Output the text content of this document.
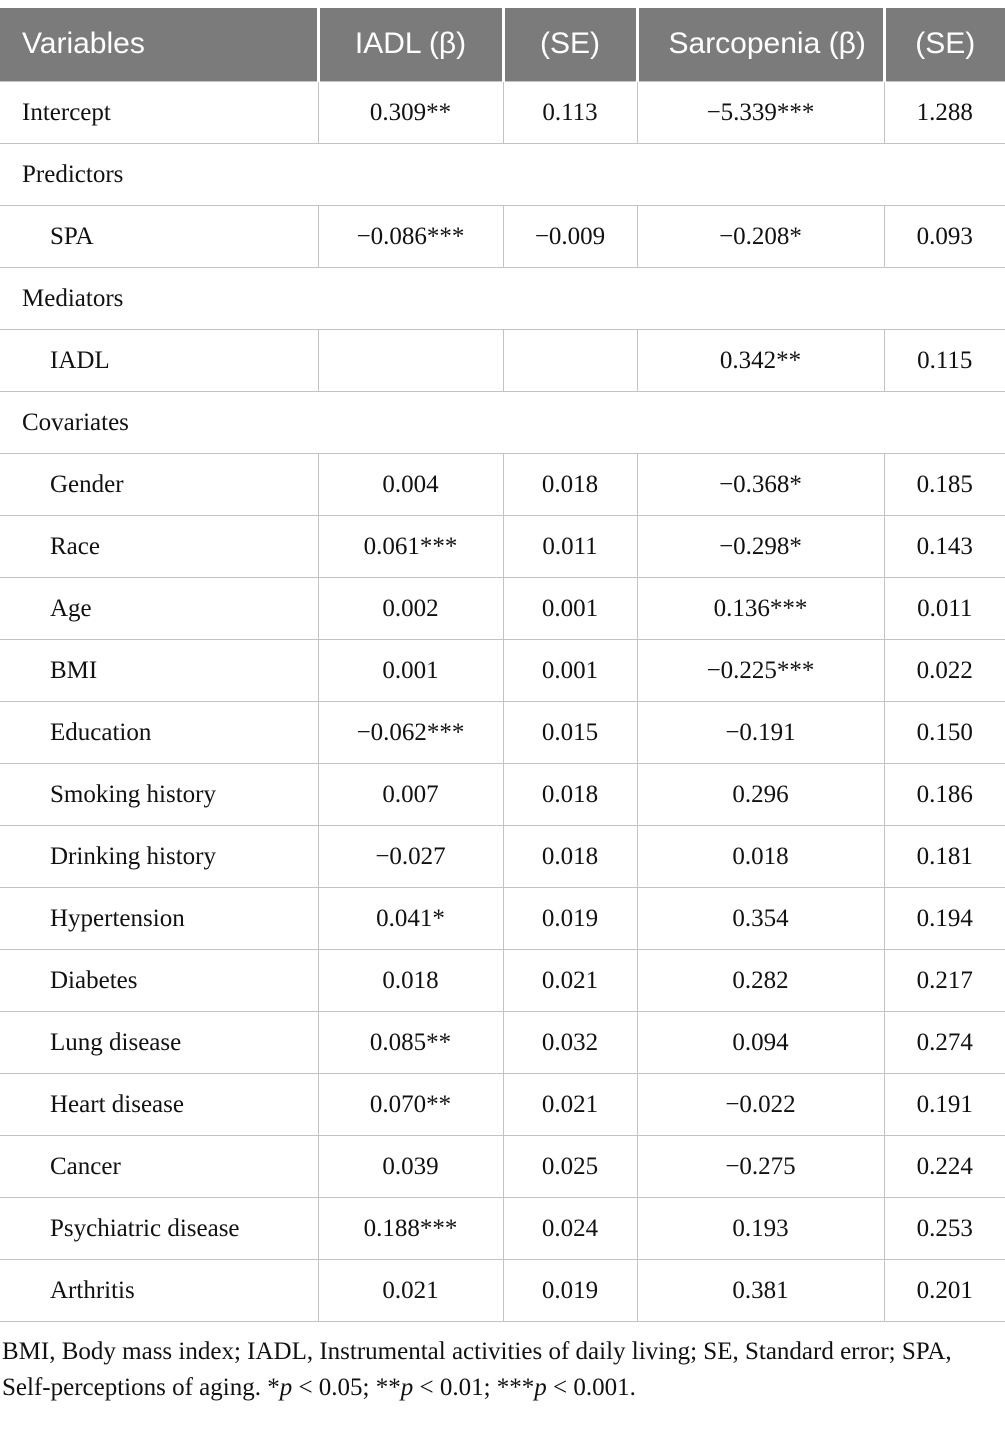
Variables	IADL (β)	(SE)	Sarcopenia (β)	(SE)
Intercept	0.309**	0.113	−5.339***	1.288
Predictors				
SPA	−0.086***	−0.009	−0.208*	0.093
Mediators				
IADL			0.342**	0.115
Covariates				
Gender	0.004	0.018	−0.368*	0.185
Race	0.061***	0.011	−0.298*	0.143
Age	0.002	0.001	0.136***	0.011
BMI	0.001	0.001	−0.225***	0.022
Education	−0.062***	0.015	−0.191	0.150
Smoking history	0.007	0.018	0.296	0.186
Drinking history	−0.027	0.018	0.018	0.181
Hypertension	0.041*	0.019	0.354	0.194
Diabetes	0.018	0.021	0.282	0.217
Lung disease	0.085**	0.032	0.094	0.274
Heart disease	0.070**	0.021	−0.022	0.191
Cancer	0.039	0.025	−0.275	0.224
Psychiatric disease	0.188***	0.024	0.193	0.253
Arthritis	0.021	0.019	0.381	0.201

BMI, Body mass index; IADL, Instrumental activities of daily living; SE, Standard error; SPA, Self-perceptions of aging. *p < 0.05; **p < 0.01; ***p < 0.001.
